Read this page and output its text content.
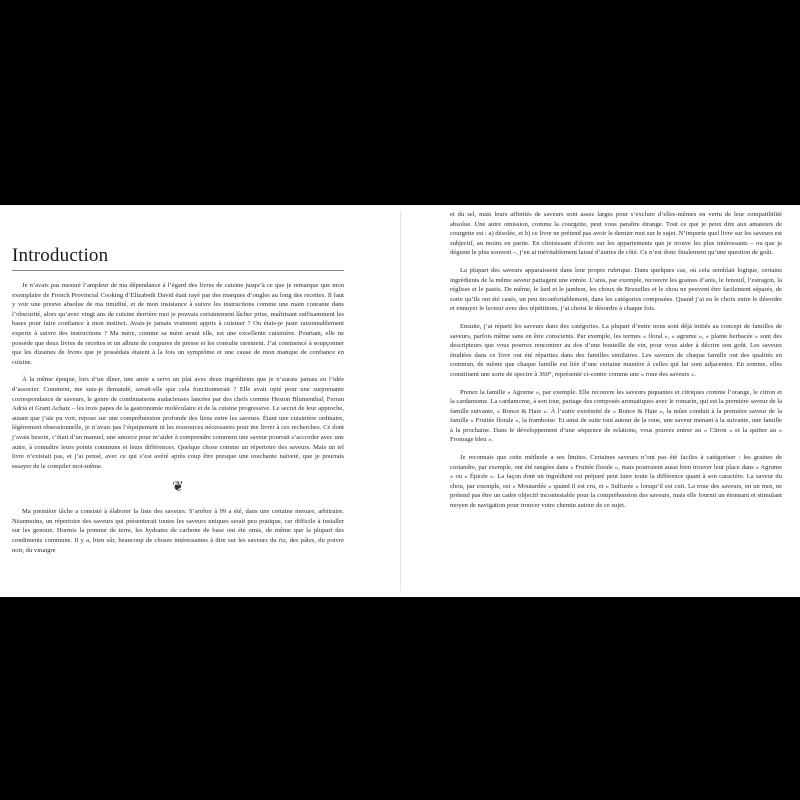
Introduction

Je n’avais pas mesuré l’ampleur de ma dépendance à l’égard des livres de cuisine jusqu’à ce que je remarque que mon exemplaire de French Provincial Cooking d’Elizabeth David était rayé par des marques d’ongles au long des recettes. Il faut y voir une preuve absolue de ma timidité, et de mon insistance à suivre les instructions comme une main courante dans l’obscurité, alors qu’avec vingt ans de cuisine derrière moi je pouvais certainement lâcher prise, maîtrisant suffisamment les bases pour faire confiance à mon instinct. Avais-je jamais vraiment appris à cuisiner ? Ou étais-je juste raisonnablement experte à suivre des instructions ? Ma mère, comme sa mère avant elle, est une excellente cuisinière. Pourtant, elle ne possède que deux livres de recettes et un album de coupures de presse et les consulte rarement. J’ai commencé à soupçonner que les dizaines de livres que je possédais étaient à la fois un symptôme et une cause de mon manque de confiance en cuisine.

À la même époque, lors d’un dîner, une amie a servi un plat avec deux ingrédients que je n’aurais jamais eu l’idée d’associer. Comment, me suis-je demandé, savait-elle que cela fonctionnerait ? Elle avait opté pour une surprenante correspondance de saveurs, le genre de combinaisons audacieuses lancées par des chefs comme Heston Blumenthal, Ferran Adrià et Grant Achatz – les trois papes de la gastronomie moléculaire et de la cuisine progressive. Le secret de leur approche, autant que j’aie pu voir, repose sur une compréhension profonde des liens entre les saveurs. Étant une cuisinière ordinaire, légèrement obsessionnelle, je n’avais pas l’équipement ni les ressources nécessaires pour me livrer à ces recherches. Ce dont j’avais besoin, c’était d’un manuel, une amorce pour m’aider à comprendre comment une saveur pourrait s’accorder avec une autre, à connaître leurs points communs et leurs différences. Quelque chose comme un répertoire des saveurs. Mais un tel livre n’existait pas, et j’ai pensé, avec ce qui s’est avéré après coup être presque une touchante naïveté, que je pourrais essayer de le compiler moi-même.

❦

Ma première tâche a consisté à élaborer la liste des saveurs. S’arrêter à 99 a été, dans une certaine mesure, arbitraire. Néanmoins, un répertoire des saveurs qui présenterait toutes les saveurs uniques serait peu pratique, car difficile à installer sur les genoux. Hormis la pomme de terre, les hydrates de carbone de base ont été omis, de même que la plupart des condiments communs. Il y a, bien sûr, beaucoup de choses intéressantes à dire sur les saveurs du riz, des pâtes, du poivre noir, du vinaigre

et du sel, mais leurs affinités de saveurs sont assez larges pour s’exclure d’elles-mêmes en vertu de leur compatibilité absolue. Une autre omission, comme la courgette, peut vous paraître étrange. Tout ce que je peux dire aux amateurs de courgette est : a) désolée, et b) ce livre ne prétend pas avoir le dernier mot sur le sujet. N’importe quel livre sur les saveurs est subjectif, au moins en partie. En choisissant d’écrire sur les appariements que je trouve les plus intéressants – ou que je déguste le plus souvent –, j’en ai inévitablement laissé d’autres de côté. Ce n’est donc finalement qu’une question de goût.

La plupart des saveurs apparaissent dans leur propre rubrique. Dans quelques cas, où cela semblait logique, certains ingrédients de la même saveur partagent une entrée. L’anis, par exemple, recouvre les graines d’anis, le fenouil, l’estragon, la réglisse et le pastis. De même, le lard et le jambon, les choux de Bruxelles et le chou ne peuvent être facilement séparés, de sorte qu’ils ont été casés, un peu inconfortablement, dans les catégories composées. Quand j’ai eu le choix entre le désordre et ennuyer le lecteur avec des répétitions, j’ai choisi le désordre à chaque fois.

Ensuite, j’ai réparti les saveurs dans des catégories. La plupart d’entre nous sont déjà initiés au concept de familles de saveurs, parfois même sans en être conscients. Par exemple, les termes « floral », « agrume », « plante herbacée » sont des descripteurs que vous pourrez rencontrer au dos d’une bouteille de vin, pour vous aider à décrire son goût. Les saveurs étudiées dans ce livre ont été réparties dans des familles similaires. Les saveurs de chaque famille ont des qualités en commun, de même que chaque famille est liée d’une certaine manière à celles qui lui sont adjacentes. En somme, elles constituent une sorte de spectre à 360°, représenté ci-contre comme une « roue des saveurs ».

Prenez la famille « Agrume », par exemple. Elle recouvre les saveurs piquantes et citriques comme l’orange, le citron et la cardamome. La cardamome, à son tour, partage des composés aromatiques avec le romarin, qui est la première saveur de la famille suivante, « Ronce & Haie ». À l’autre extrémité de « Ronce & Haie », la mûre conduit à la première saveur de la famille « Fruitée florale », la framboise. Et ainsi de suite tout autour de la roue, une saveur menant à la suivante, une famille à la prochaine. Dans le développement d’une séquence de relations, vous pouvez entrer au « Citron » et la quitter au « Fromage bleu ».

Je reconnais que cette méthode a ses limites. Certaines saveurs n’ont pas été faciles à catégoriser : les graines de coriandre, par exemple, ont été rangées dans « Fruitée florale », mais pourraient aussi bien trouver leur place dans « Agrume » ou « Épicée ». La façon dont un ingrédient est préparé peut faire toute la différence quant à son caractère. La saveur du chou, par exemple, est « Moutardée » quand il est cru, et « Sulfurée » lorsqu’il est cuit. La roue des saveurs, en un mot, ne prétend pas être un cadre objectif incontestable pour la compréhension des saveurs, mais elle fournit un étonnant et stimulant moyen de navigation pour trouver votre chemin autour de ce sujet.
